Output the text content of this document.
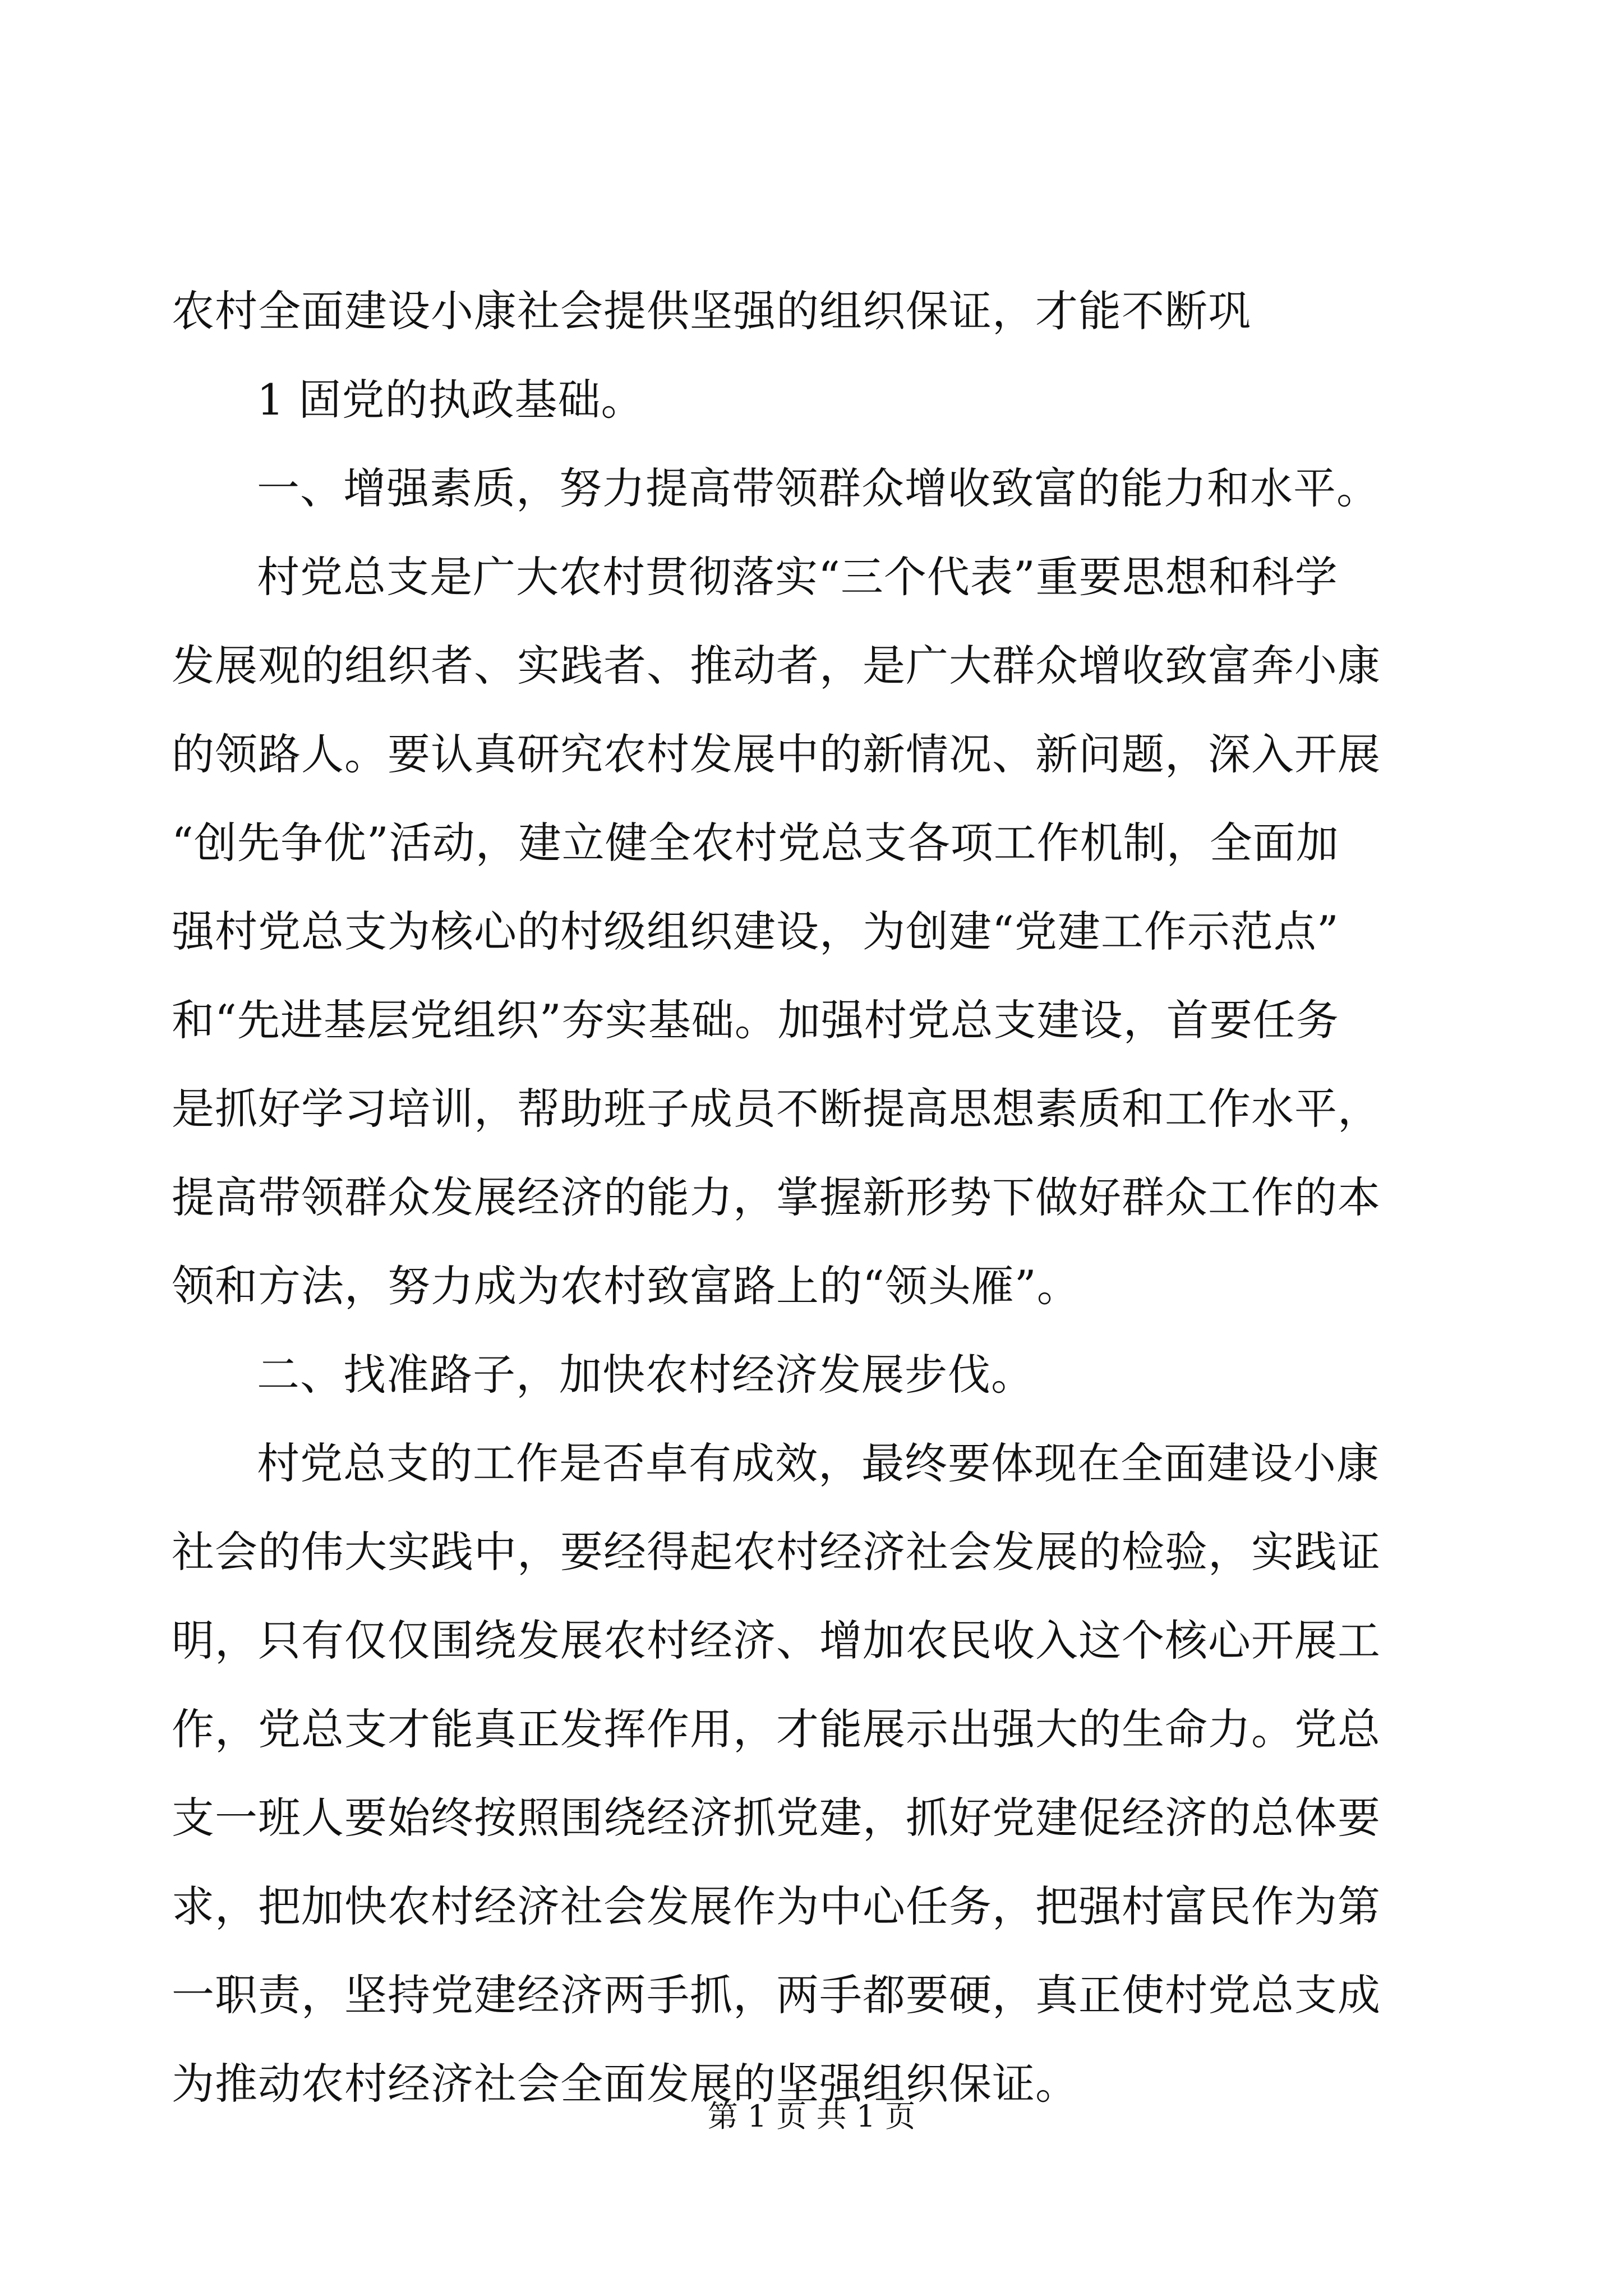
农村全面建设小康社会提供坚强的组织保证，才能不断巩
1 固党的执政基础。
一、增强素质，努力提高带领群众增收致富的能力和水平。
村党总支是广大农村贯彻落实“三个代表”重要思想和科学
发展观的组织者、实践者、推动者，是广大群众增收致富奔小康
的领路人。要认真研究农村发展中的新情况、新问题，深入开展
“创先争优”活动，建立健全农村党总支各项工作机制，全面加
强村党总支为核心的村级组织建设，为创建“党建工作示范点”
和“先进基层党组织”夯实基础。加强村党总支建设，首要任务
是抓好学习培训，帮助班子成员不断提高思想素质和工作水平，
提高带领群众发展经济的能力，掌握新形势下做好群众工作的本
领和方法，努力成为农村致富路上的“领头雁”。
二、找准路子，加快农村经济发展步伐。
村党总支的工作是否卓有成效，最终要体现在全面建设小康
社会的伟大实践中，要经得起农村经济社会发展的检验，实践证
明，只有仅仅围绕发展农村经济、增加农民收入这个核心开展工
作，党总支才能真正发挥作用，才能展示出强大的生命力。党总
支一班人要始终按照围绕经济抓党建，抓好党建促经济的总体要
求，把加快农村经济社会发展作为中心任务，把强村富民作为第
一职责，坚持党建经济两手抓，两手都要硬，真正使村党总支成
为推动农村经济社会全面发展的坚强组织保证。
第 1 页 共 1 页
